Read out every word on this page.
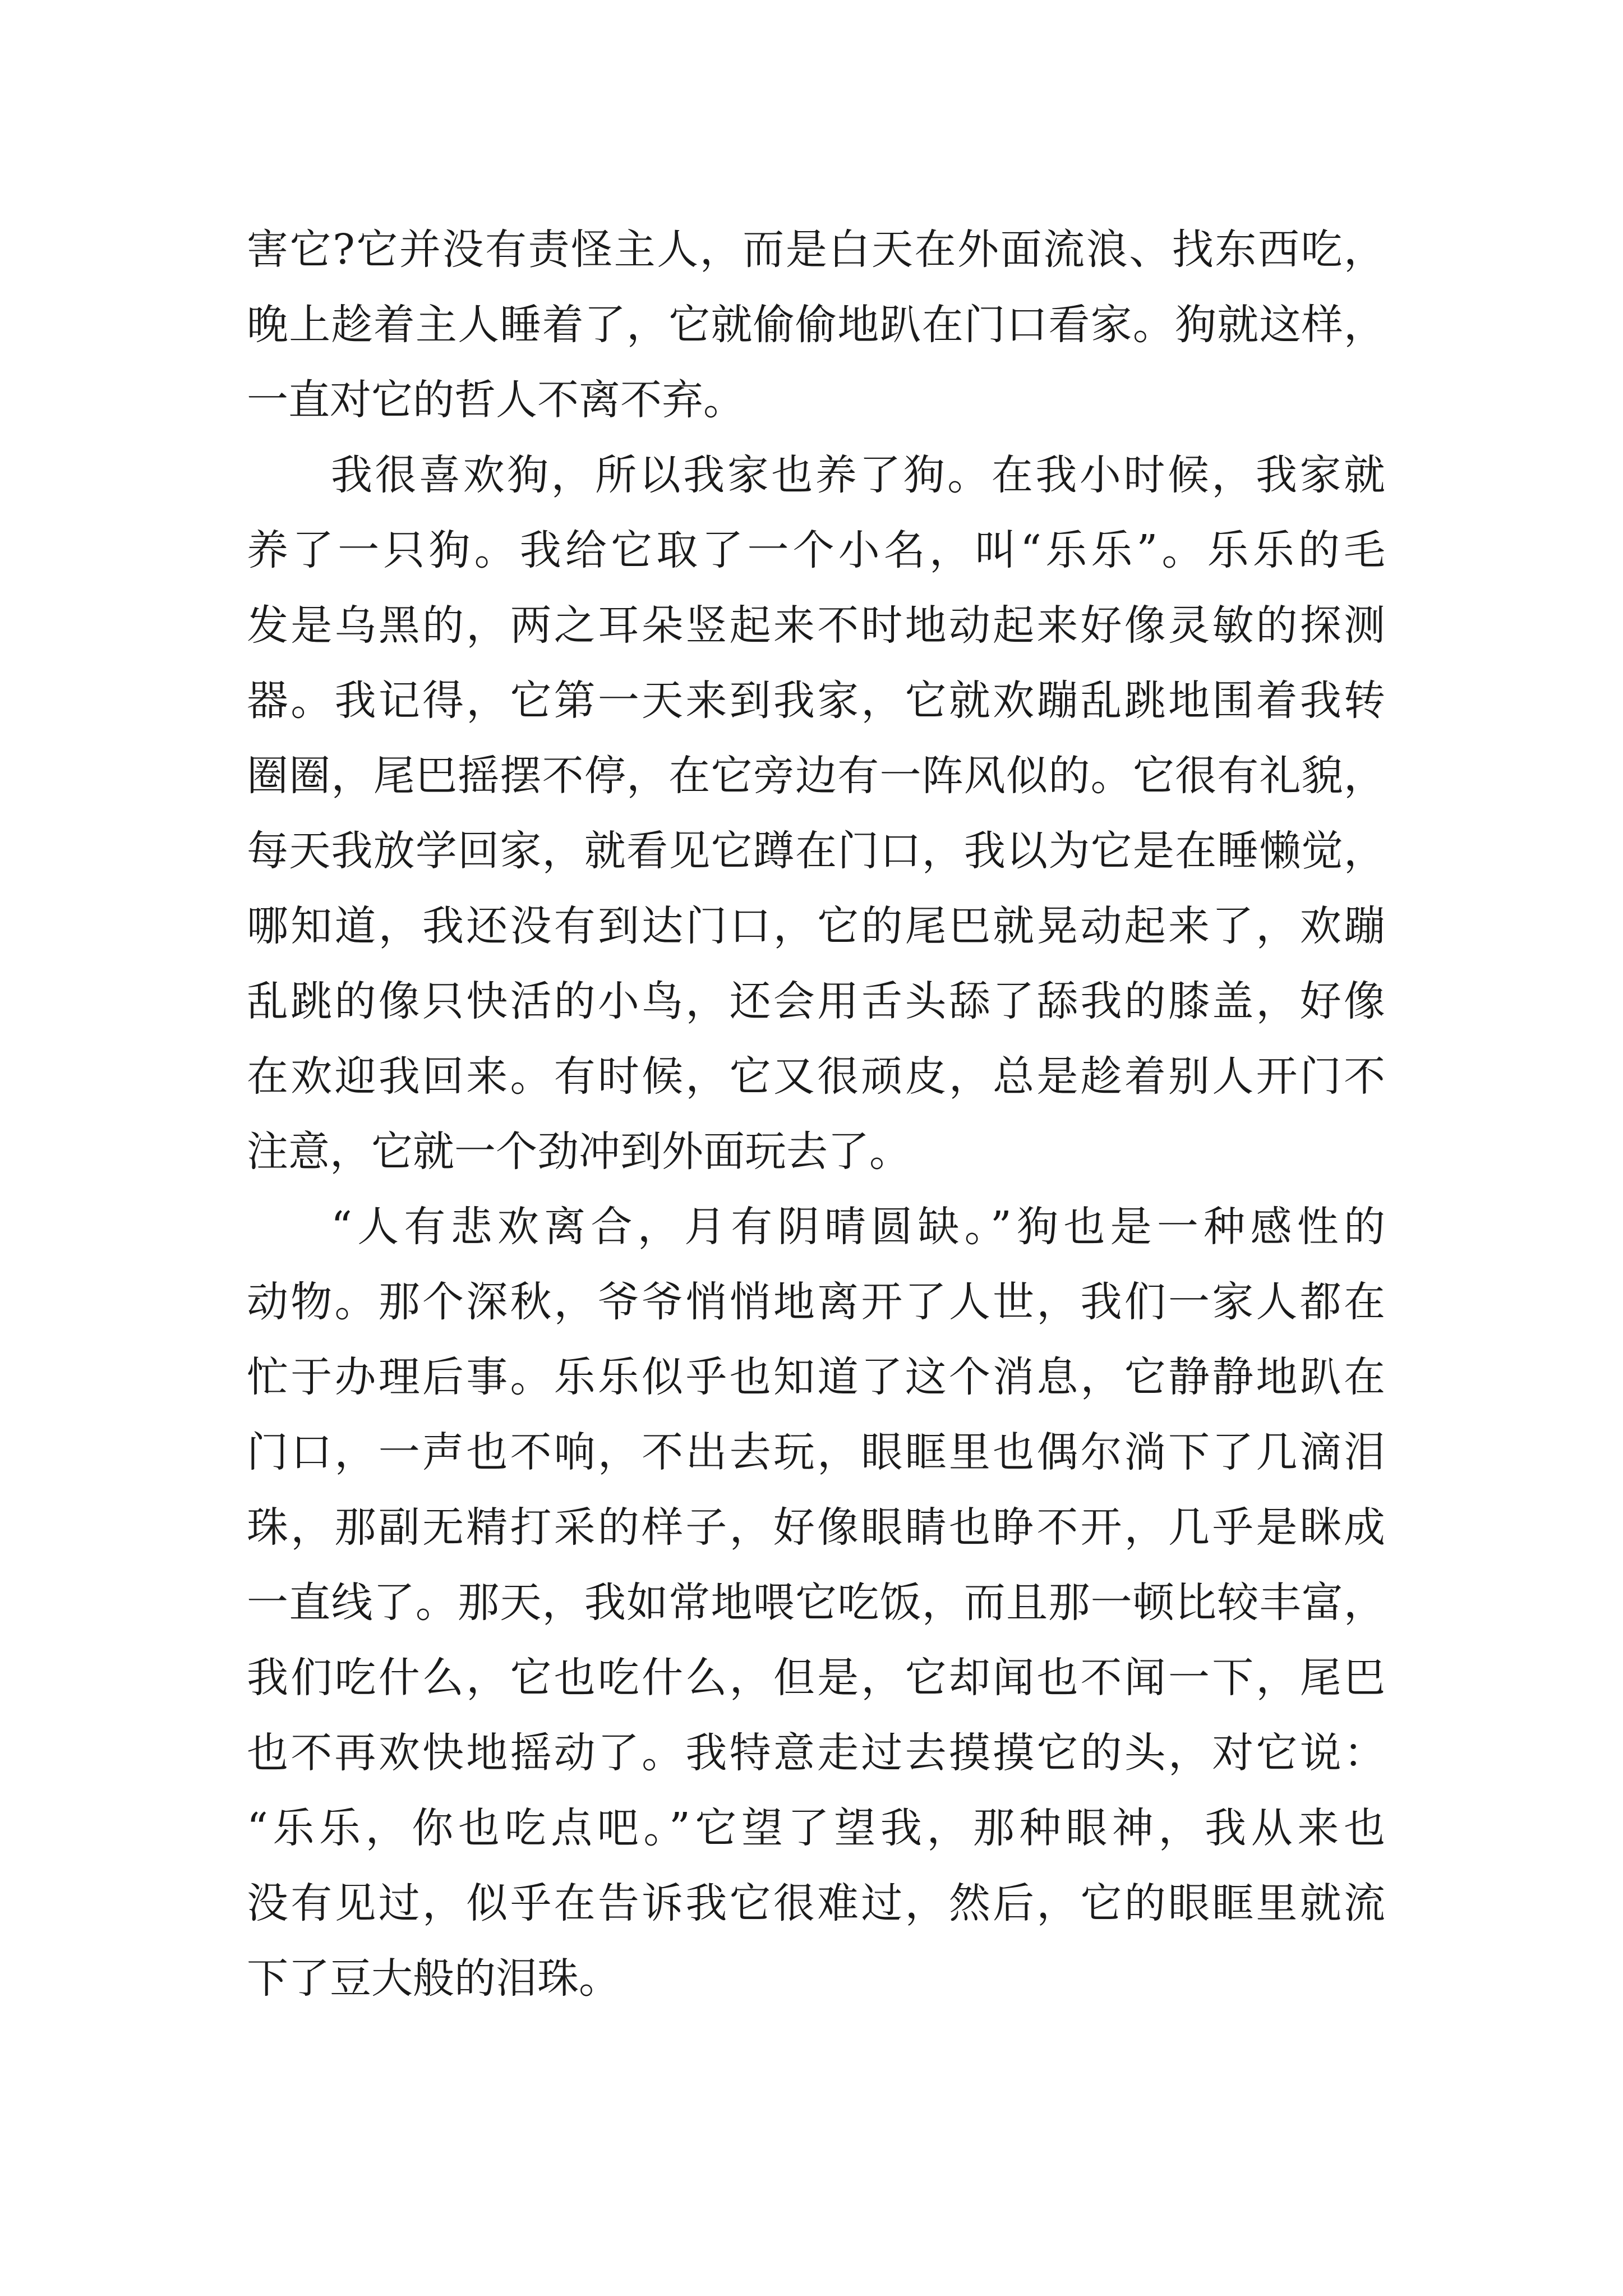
害它?它并没有责怪主人，而是白天在外面流浪、找东西吃，
晚上趁着主人睡着了，它就偷偷地趴在门口看家。狗就这样，
一直对它的哲人不离不弃。
我很喜欢狗，所以我家也养了狗。在我小时候，我家就
养了一只狗。我给它取了一个小名，叫“乐乐”。乐乐的毛
发是乌黑的，两之耳朵竖起来不时地动起来好像灵敏的探测
器。我记得，它第一天来到我家，它就欢蹦乱跳地围着我转
圈圈，尾巴摇摆不停，在它旁边有一阵风似的。它很有礼貌，
每天我放学回家，就看见它蹲在门口，我以为它是在睡懒觉，
哪知道，我还没有到达门口，它的尾巴就晃动起来了，欢蹦
乱跳的像只快活的小鸟，还会用舌头舔了舔我的膝盖，好像
在欢迎我回来。有时候，它又很顽皮，总是趁着别人开门不
注意，它就一个劲冲到外面玩去了。
“人有悲欢离合，月有阴晴圆缺。”狗也是一种感性的
动物。那个深秋，爷爷悄悄地离开了人世，我们一家人都在
忙于办理后事。乐乐似乎也知道了这个消息，它静静地趴在
门口，一声也不响，不出去玩，眼眶里也偶尔淌下了几滴泪
珠，那副无精打采的样子，好像眼睛也睁不开，几乎是眯成
一直线了。那天，我如常地喂它吃饭，而且那一顿比较丰富，
我们吃什么，它也吃什么，但是，它却闻也不闻一下，尾巴
也不再欢快地摇动了。我特意走过去摸摸它的头，对它说：
“乐乐，你也吃点吧。”它望了望我，那种眼神，我从来也
没有见过，似乎在告诉我它很难过，然后，它的眼眶里就流
下了豆大般的泪珠。
